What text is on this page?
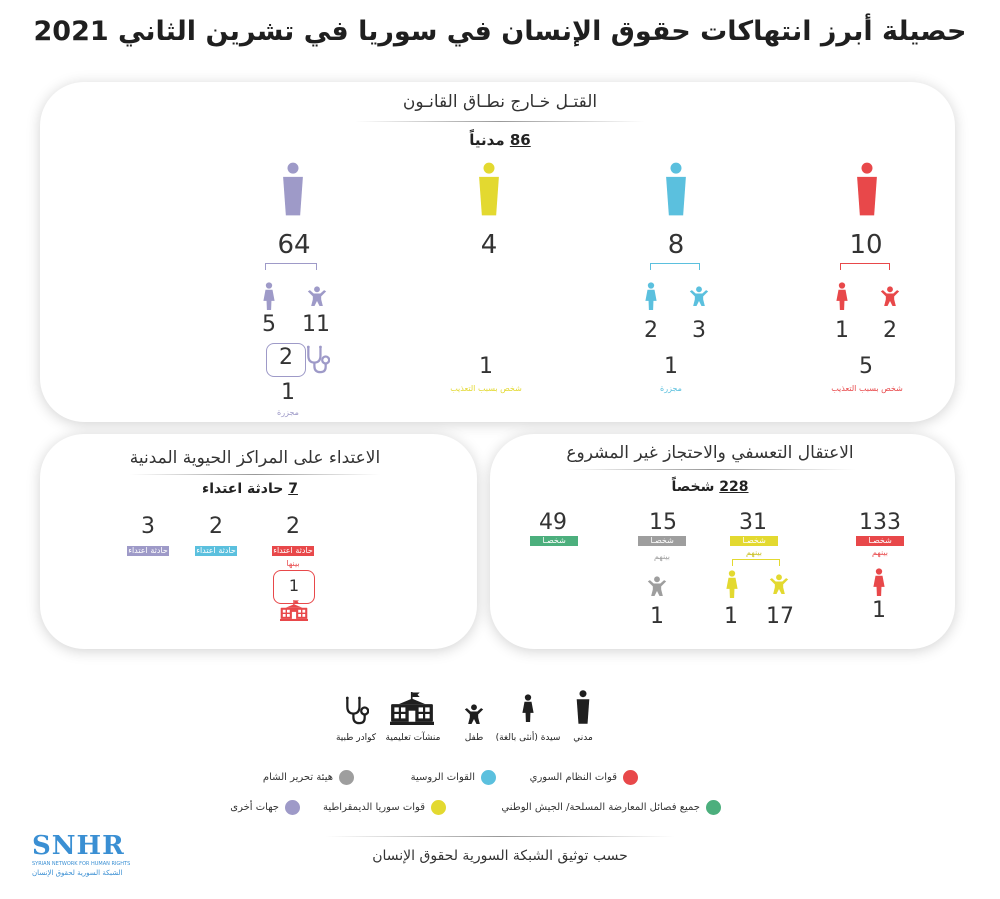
حصيلة أبرز انتهاكات حقوق الإنسان في سوريا في تشرين الثاني 2021
القتـل خـارج نطـاق القانـون
86 مدنياً
10
1	2
5
شخص بسبب التعذيب
8
2	3
1
مجزرة
4
1
شخص بسبب التعذيب
64
5	11
2
1
مجزرة
الاعتداء على المراكز الحيوية المدنية
7 حادثة اعتداء
2
حادثة اعتداء
بينها
1
2
حادثة اعتداء
3
حادثة اعتداء
الاعتقال التعسفي والاحتجاز غير المشروع
228 شخصاً
133
شخصـا
بينهم
1
31
شخصـا
بينهم
1	17
15
شخصـا
بينهم
1
49
شخصـا
مدني
سيدة (أنثى بالغة)
طفل
منشآت تعليمية
كوادر طبية
قوات النظام السوري
القوات الروسية
هيئة تحرير الشام
جميع فصائل المعارضة المسلحة/ الجيش الوطني
قوات سوريا الديمقراطية
جهات أخرى
حسب توثيق الشبكة السورية لحقوق الإنسان
SNHR
SYRIAN NETWORK FOR HUMAN RIGHTS
الشبكة السورية لحقوق الإنسان
